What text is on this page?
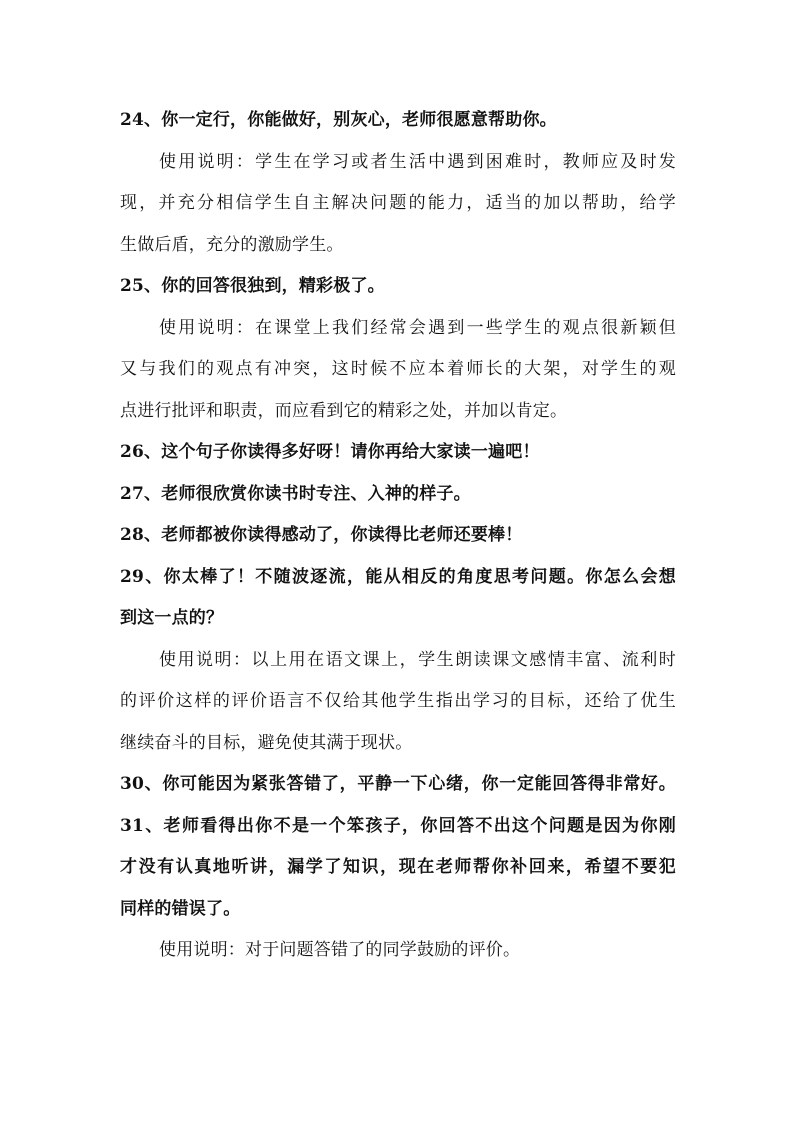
24、你一定行，你能做好，别灰心，老师很愿意帮助你。
使用说明：学生在学习或者生活中遇到困难时，教师应及时发
现，并充分相信学生自主解决问题的能力，适当的加以帮助，给学
生做后盾，充分的激励学生。
25、你的回答很独到，精彩极了。
使用说明：在课堂上我们经常会遇到一些学生的观点很新颖但
又与我们的观点有冲突，这时候不应本着师长的大架，对学生的观
点进行批评和职责，而应看到它的精彩之处，并加以肯定。
26、这个句子你读得多好呀！请你再给大家读一遍吧！
27、老师很欣赏你读书时专注、入神的样子。
28、老师都被你读得感动了，你读得比老师还要棒！
29、你太棒了！不随波逐流，能从相反的角度思考问题。你怎么会想
到这一点的？
使用说明：以上用在语文课上，学生朗读课文感情丰富、流利时
的评价这样的评价语言不仅给其他学生指出学习的目标，还给了优生
继续奋斗的目标，避免使其满于现状。
30、你可能因为紧张答错了，平静一下心绪，你一定能回答得非常好。
31、老师看得出你不是一个笨孩子，你回答不出这个问题是因为你刚
才没有认真地听讲，漏学了知识，现在老师帮你补回来，希望不要犯
同样的错误了。
使用说明：对于问题答错了的同学鼓励的评价。
